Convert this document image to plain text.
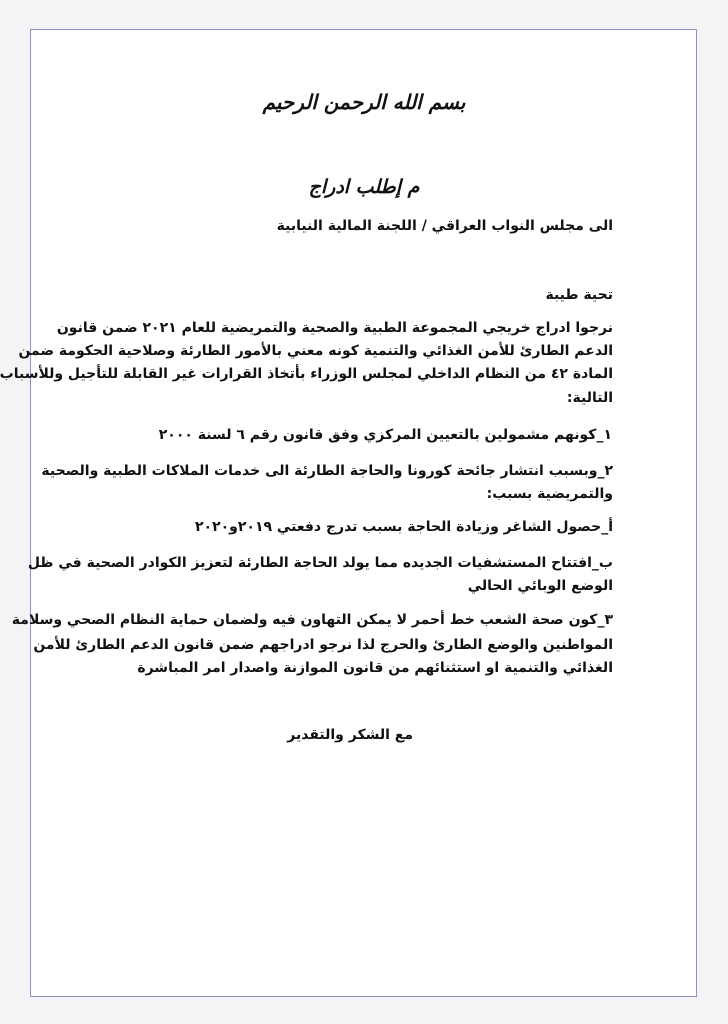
بسم الله الرحمن الرحيم
م إطلب ادراج
الى مجلس النواب العراقي / اللجنة المالية النيابية
تحية طيبة
نرجوا ادراج خريجي المجموعة الطبية والصحية والتمريضية للعام ٢٠٢١ ضمن قانون
الدعم الطارئ للأمن الغذائي والتنمية كونه معني بالأمور الطارئة وصلاحية الحكومة ضمن
المادة ٤٢ من النظام الداخلي لمجلس الوزراء بأتخاذ القرارات غير القابلة للتأجيل وللأسباب
التالية:
١_كونهم مشمولين بالتعيين المركزي وفق قانون رقم ٦ لسنة ٢٠٠٠
٢_وبسبب انتشار جائحة كورونا والحاجة الطارئة الى خدمات الملاكات الطبية والصحية
والتمريضية بسبب:
أ_حصول الشاغر وزيادة الحاجة بسبب تدرج دفعتي ٢٠١٩و٢٠٢٠
ب_افتتاح المستشفيات الجديده مما يولد الحاجة الطارئة لتعزيز الكوادر الصحية في ظل
الوضع الوبائي الحالي
٣_كون صحة الشعب خط أحمر لا يمكن التهاون فيه ولضمان حماية النظام الصحي وسلامة
المواطنين والوضع الطارئ والحرج لذا نرجو ادراجهم ضمن قانون الدعم الطارئ للأمن
الغذائي والتنمية او استثنائهم من قانون الموازنة واصدار امر المباشرة
مع الشكر والتقدير
